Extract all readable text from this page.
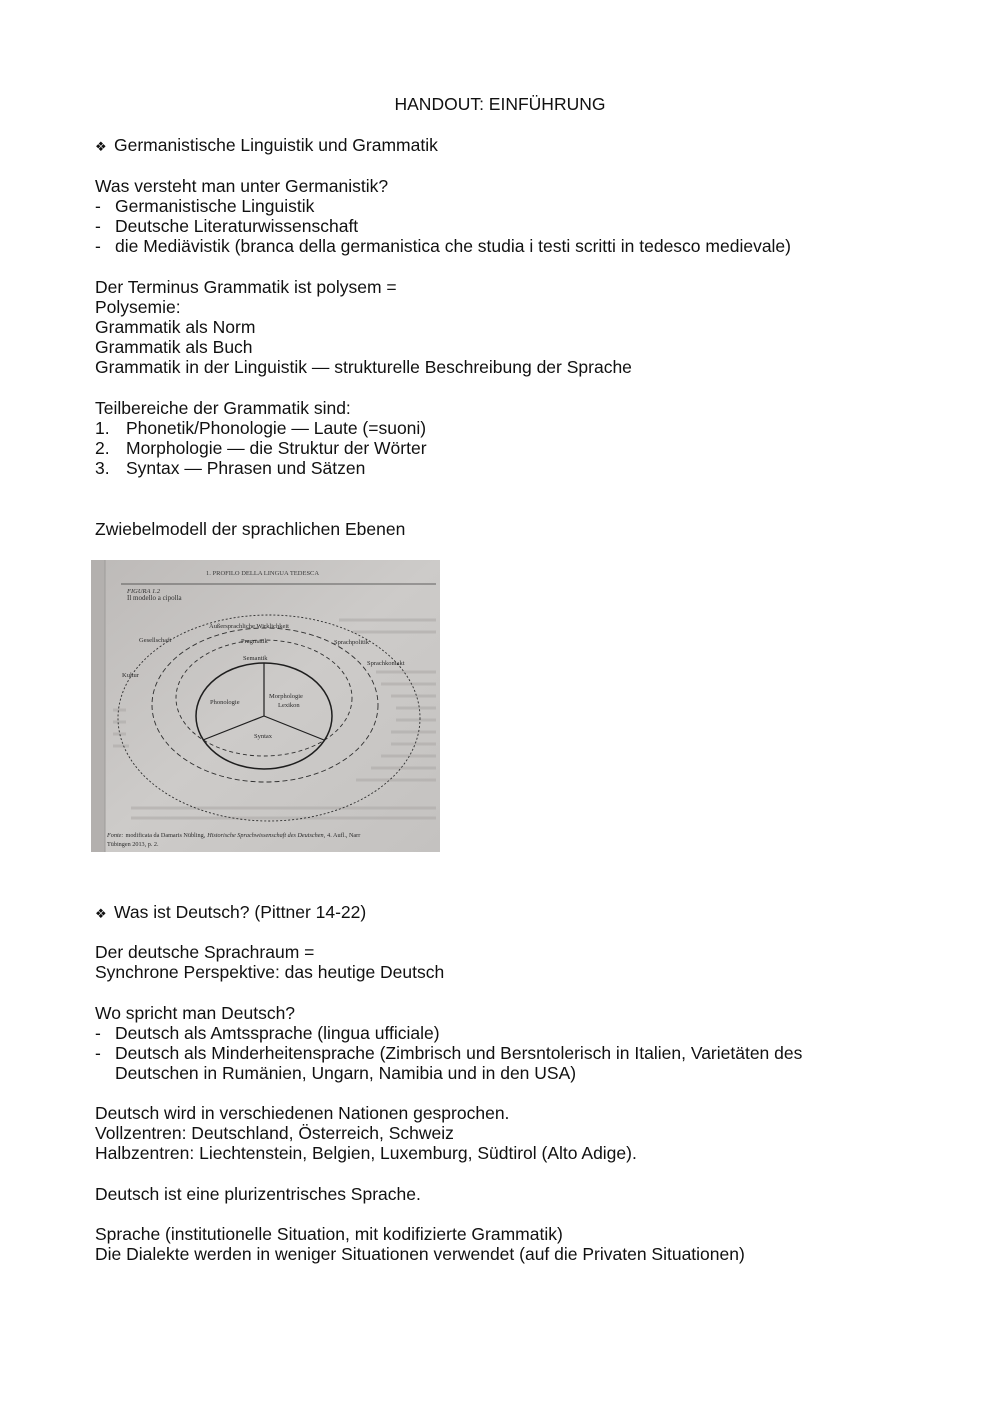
HANDOUT: EINFÜHRUNG
❖ Germanistische Linguistik und Grammatik
Was versteht man unter Germanistik?
- Germanistische Linguistik
- Deutsche Literaturwissenschaft
- die Mediävistik (branca della germanistica che studia i testi scritti in tedesco medievale)
Der Terminus Grammatik ist polysem =
Polysemie:
Grammatik als Norm
Grammatik als Buch
Grammatik in der Linguistik — strukturelle Beschreibung der Sprache
Teilbereiche der Grammatik sind:
1. Phonetik/Phonologie — Laute (=suoni)
2. Morphologie — die Struktur der Wörter
3. Syntax — Phrasen und Sätzen
Zwiebelmodell der sprachlichen Ebenen
1. PROFILO DELLA LINGUA TEDESCA
FIGURA 1.2
Il modello a cipolla
Außersprachliche Wirklichkeit
Gesellschaft	Sprachpolitik
Sprachkontakt
Kultur
Pragmatik
Semantik
Phonologie
Morphologie
Lexikon
Syntax
Fonte: modificata da Damaris Nübling, Historische Sprachwissenschaft des Deutschen, 4. Aufl., Narr
Tübingen 2013, p. 2.
❖ Was ist Deutsch? (Pittner 14-22)
Der deutsche Sprachraum =
Synchrone Perspektive: das heutige Deutsch
Wo spricht man Deutsch?
- Deutsch als Amtssprache (lingua ufficiale)
- Deutsch als Minderheitensprache (Zimbrisch und Bersntolerisch in Italien, Varietäten des
Deutschen in Rumänien, Ungarn, Namibia und in den USA)
Deutsch wird in verschiedenen Nationen gesprochen.
Vollzentren: Deutschland, Österreich, Schweiz
Halbzentren: Liechtenstein, Belgien, Luxemburg, Südtirol (Alto Adige).
Deutsch ist eine plurizentrisches Sprache.
Sprache (institutionelle Situation, mit kodifizierte Grammatik)
Die Dialekte werden in weniger Situationen verwendet (auf die Privaten Situationen)
